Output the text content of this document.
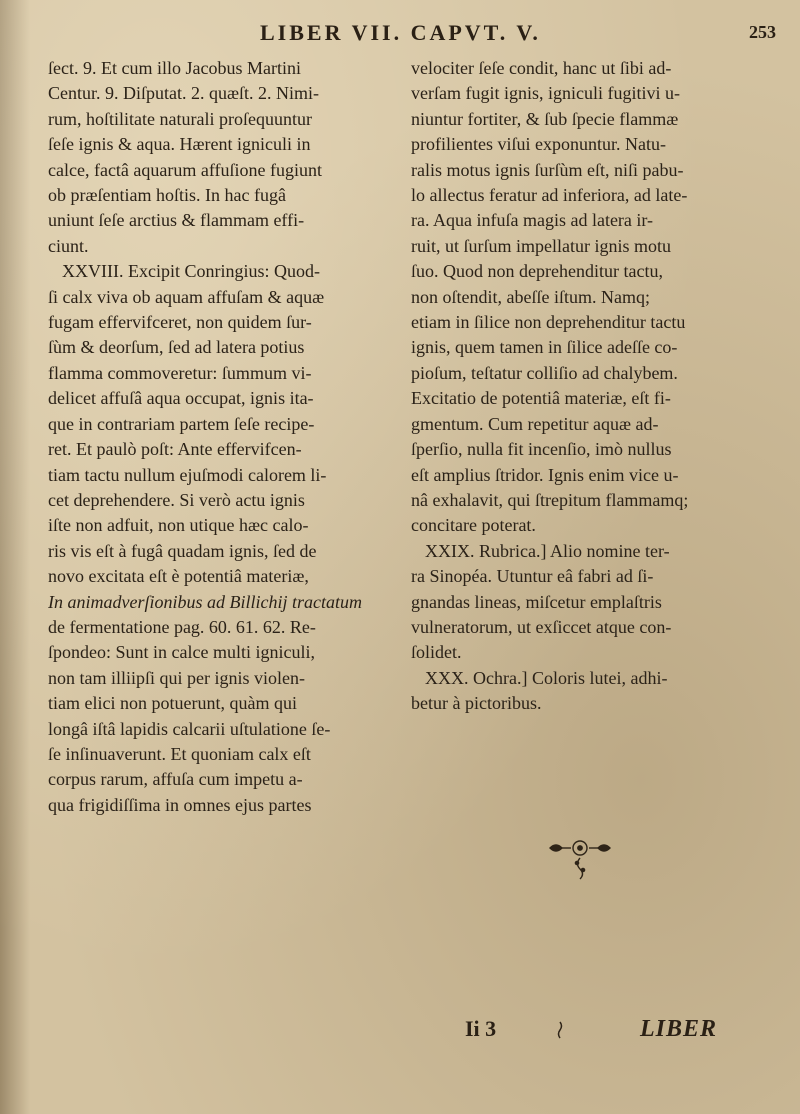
LIBER VII. CAPVT. V.	253
ſect. 9. Et cum illo Jacobus Martini
Centur. 9. Diſputat. 2. quæſt. 2. Nimi-
rum, hoſtilitate naturali proſequuntur
ſeſe ignis & aqua. Hærent igniculi in
calce, factâ aquarum affuſione fugiunt
ob præſentiam hoſtis. In hac fugâ
uniunt ſeſe arctius & flammam effi-
ciunt.
XXVIII. Excipit Conringius: Quod-
ſi calx viva ob aquam affuſam & aquæ
fugam effervifceret, non quidem ſur-
ſùm & deorſum, ſed ad latera potius
flamma commoveretur: ſummum vi-
delicet affuſâ aqua occupat, ignis ita-
que in contrariam partem ſeſe recipe-
ret. Et paulò poſt: Ante effervifcen-
tiam tactu nullum ejuſmodi calorem li-
cet deprehendere. Si verò actu ignis
iſte non adfuit, non utique hæc calo-
ris vis eſt à fugâ quadam ignis, ſed de
novo excitata eſt è potentiâ materiæ,
In animadverſionibus ad Billichij tractatum
de fermentatione pag. 60. 61. 62. Re-
ſpondeo: Sunt in calce multi igniculi,
non tam illiipſi qui per ignis violen-
tiam elici non potuerunt, quàm qui
longâ iſtâ lapidis calcarii uſtulatione ſe-
ſe inſinuaverunt. Et quoniam calx eſt
corpus rarum, affuſa cum impetu a-
qua frigidiſſima in omnes ejus partes
velociter ſeſe condit, hanc ut ſibi ad-
verſam fugit ignis, igniculi fugitivi u-
niuntur fortiter, & ſub ſpecie flammæ
profilientes viſui exponuntur. Natu-
ralis motus ignis ſurſùm eſt, niſi pabu-
lo allectus feratur ad inferiora, ad late-
ra. Aqua infuſa magis ad latera ir-
ruit, ut ſurſum impellatur ignis motu
ſuo. Quod non deprehenditur tactu,
non oſtendit, abeſſe iſtum. Namq;
etiam in ſilice non deprehenditur tactu
ignis, quem tamen in ſilice adeſſe co-
pioſum, teſtatur colliſio ad chalybem.
Excitatio de potentiâ materiæ, eſt fi-
gmentum. Cum repetitur aquæ ad-
ſperſio, nulla fit incenſio, imò nullus
eſt amplius ſtridor. Ignis enim vice u-
nâ exhalavit, qui ſtrepitum flammamq;
concitare poterat.
XXIX. Rubrica.] Alio nomine ter-
ra Sinopéa. Utuntur eâ fabri ad ſi-
gnandas lineas, miſcetur emplaſtris
vulneratorum, ut exſiccet atque con-
ſolidet.
XXX. Ochra.] Coloris lutei, adhi-
betur à pictoribus.
Ii 3	LIBER
